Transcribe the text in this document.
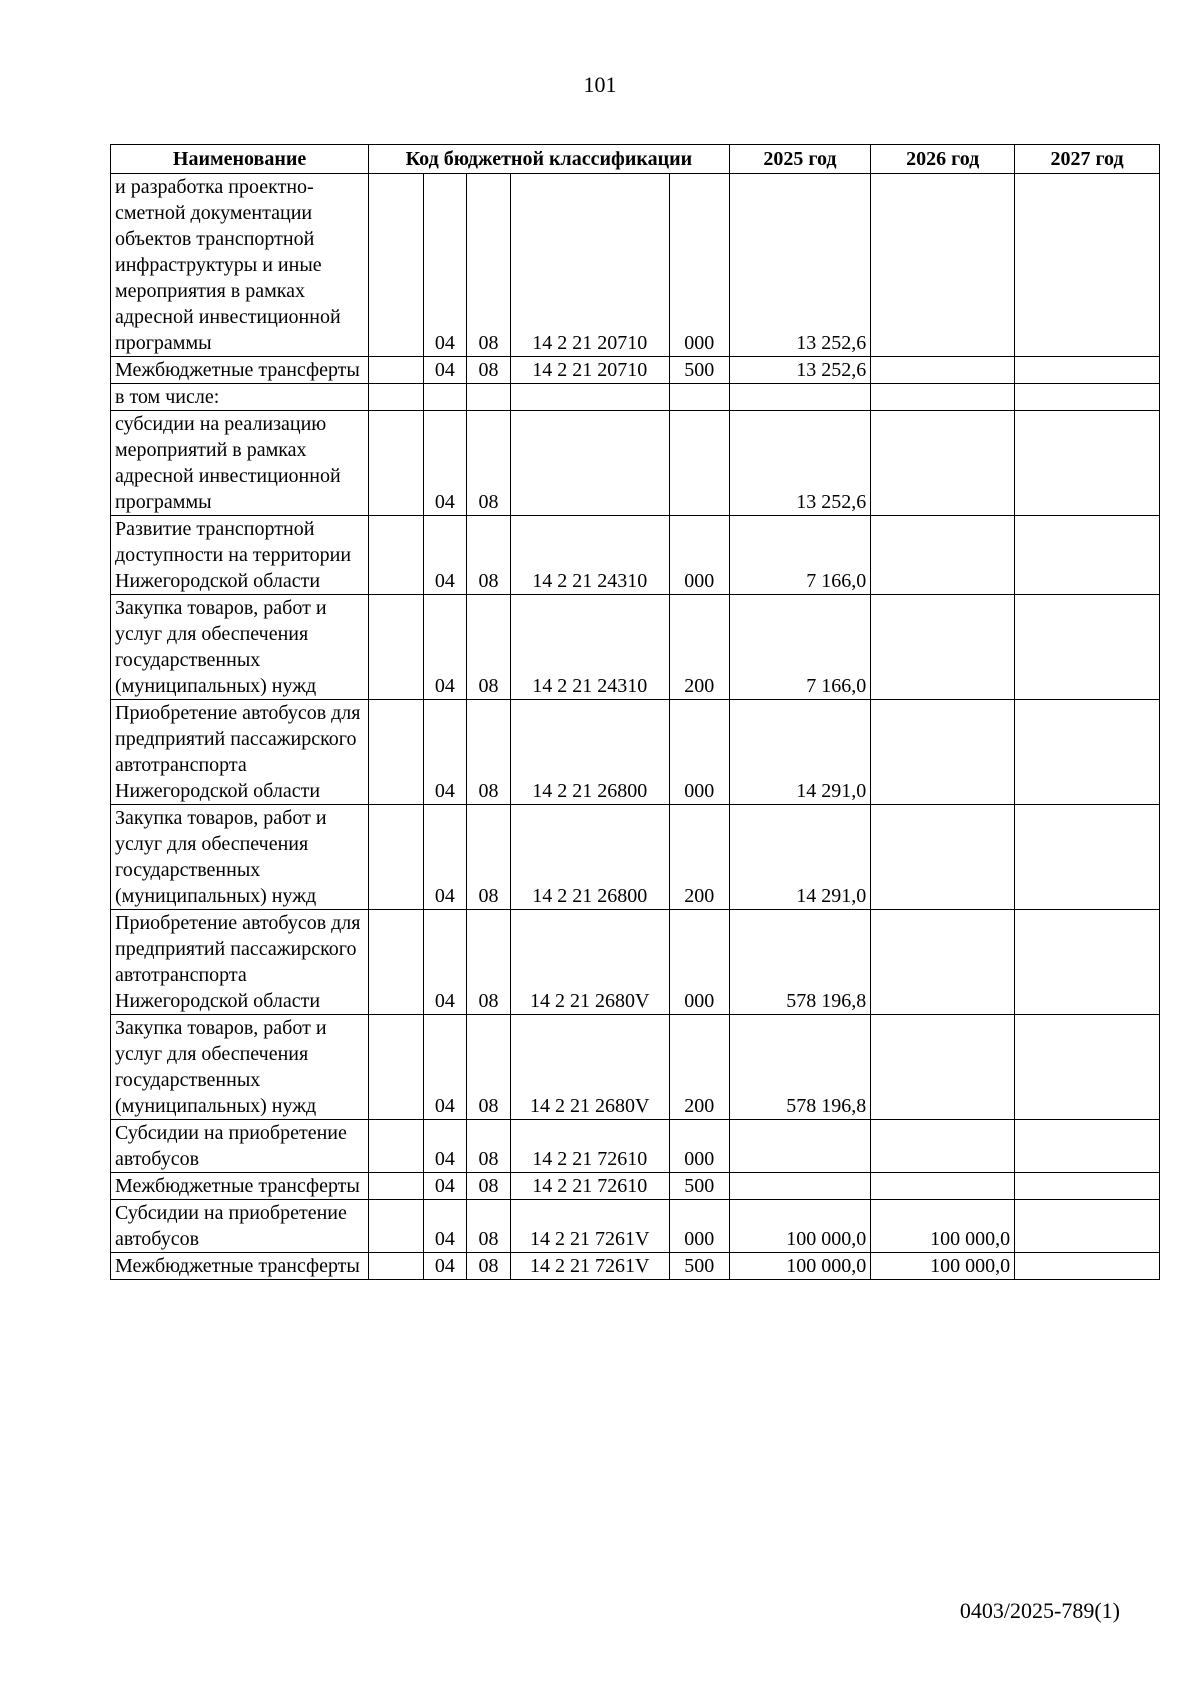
101
Наименование	Код бюджетной классификации					2025 год	2026 год	2027 год
и разработка проектно-сметной документации объектов транспортной инфраструктуры и иные мероприятия в рамках адресной инвестиционной программы		04	08	14 2 21 20710	000	13 252,6		
Межбюджетные трансферты		04	08	14 2 21 20710	500	13 252,6		
в том числе:								
субсидии на реализацию мероприятий в рамках адресной инвестиционной программы		04	08			13 252,6		
Развитие транспортной доступности на территории Нижегородской области		04	08	14 2 21 24310	000	7 166,0		
Закупка товаров, работ и услуг для обеспечения государственных (муниципальных) нужд		04	08	14 2 21 24310	200	7 166,0		
Приобретение автобусов для предприятий пассажирского автотранспорта Нижегородской области		04	08	14 2 21 26800	000	14 291,0		
Закупка товаров, работ и услуг для обеспечения государственных (муниципальных) нужд		04	08	14 2 21 26800	200	14 291,0		
Приобретение автобусов для предприятий пассажирского автотранспорта Нижегородской области		04	08	14 2 21 2680V	000	578 196,8		
Закупка товаров, работ и услуг для обеспечения государственных (муниципальных) нужд		04	08	14 2 21 2680V	200	578 196,8		
Субсидии на приобретение автобусов		04	08	14 2 21 72610	000			
Межбюджетные трансферты		04	08	14 2 21 72610	500			
Субсидии на приобретение автобусов		04	08	14 2 21 7261V	000	100 000,0	100 000,0	
Межбюджетные трансферты		04	08	14 2 21 7261V	500	100 000,0	100 000,0	
0403/2025-789(1)
